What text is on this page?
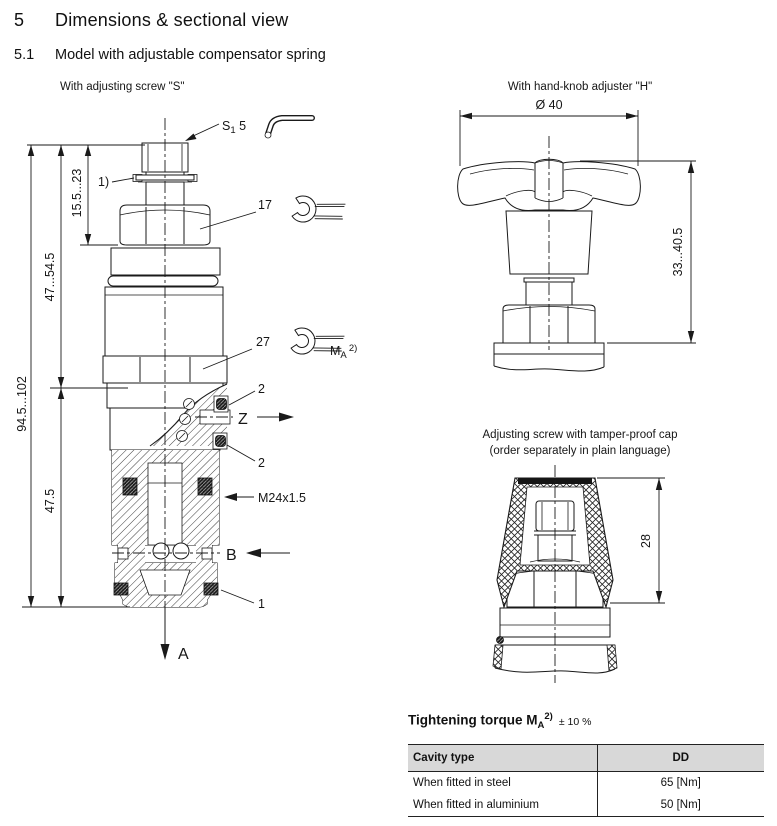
5 Dimensions & sectional view
5.1 Model with adjustable compensator spring
With adjusting screw "S"	With hand-knob adjuster "H"
Adjusting screw with tamper-proof cap
(order separately in plain language)
94.5...102
47...54.5
15.5...23
47.5
$S_1$ 5
1)
17
27
$M_A$ $^{2)}$
2
Z
2
M24x1.5
B
1
A
Ø 40
33...40.5
28
Tightening torque $M_A^{2)} \pm 10$ %
Cavity type	DD
When fitted in steel	65 [Nm]
When fitted in aluminium	50 [Nm]
